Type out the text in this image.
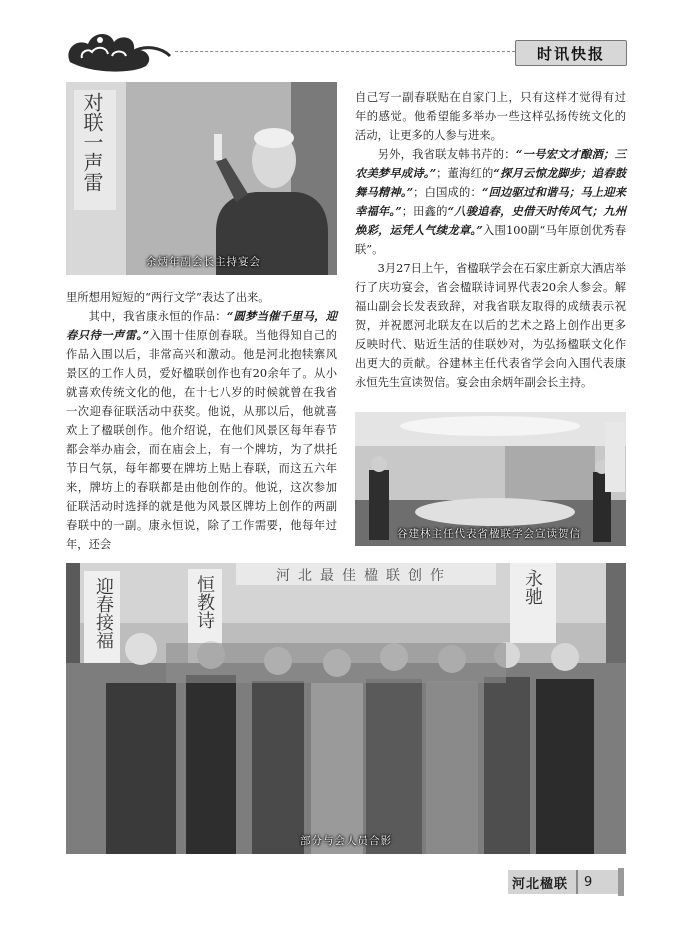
时讯快报
对联一声雷
余炳年副会长主持宴会

里所想用短短的“两行文学”表达了出来。

其中，我省康永恒的作品：“圆梦当催千里马，迎春只待一声雷。”入围十佳原创春联。当他得知自己的作品入围以后，非常高兴和激动。他是河北抱犊寨风景区的工作人员，爱好楹联创作也有20余年了。从小就喜欢传统文化的他，在十七八岁的时候就曾在我省一次迎春征联活动中获奖。他说，从那以后，他就喜欢上了楹联创作。他介绍说，在他们风景区每年春节都会举办庙会，而在庙会上，有一个牌坊，为了烘托节日气氛，每年都要在牌坊上贴上春联，而这五六年来，牌坊上的春联都是由他创作的。他说，这次参加征联活动时选择的就是他为风景区牌坊上创作的两副春联中的一副。康永恒说，除了工作需要，他每年过年，还会

自己写一副春联贴在自家门上，只有这样才觉得有过年的感觉。他希望能多举办一些这样弘扬传统文化的活动，让更多的人参与进来。

另外，我省联友韩书芹的：“一号宏文才酿酒；三农美梦早成诗。”；董海红的“探月云惊龙脚步；追春鼓舞马精神。”；白国成的：“回边驱过和谐马；马上迎来幸福年。”；田鑫的“八骏追春，史借天时传风气；九州焕彩，运凭人气续龙章。”入围100副“马年原创优秀春联”。

3月27日上午，省楹联学会在石家庄新京大酒店举行了庆功宴会，省会楹联诗词界代表20余人参会。解福山副会长发表致辞，对我省联友取得的成绩表示祝贺，并祝愿河北联友在以后的艺术之路上创作出更多反映时代、贴近生活的佳联妙对，为弘扬楹联文化作出更大的贡献。谷建林主任代表省学会向入围代表康永恒先生宣读贺信。宴会由余炳年副会长主持。

谷建林主任代表省楹联学会宣读贺信
河北最佳楹联创作
迎春接福	恒教诗	永驰
部分与会人员合影
河北楹联 9
